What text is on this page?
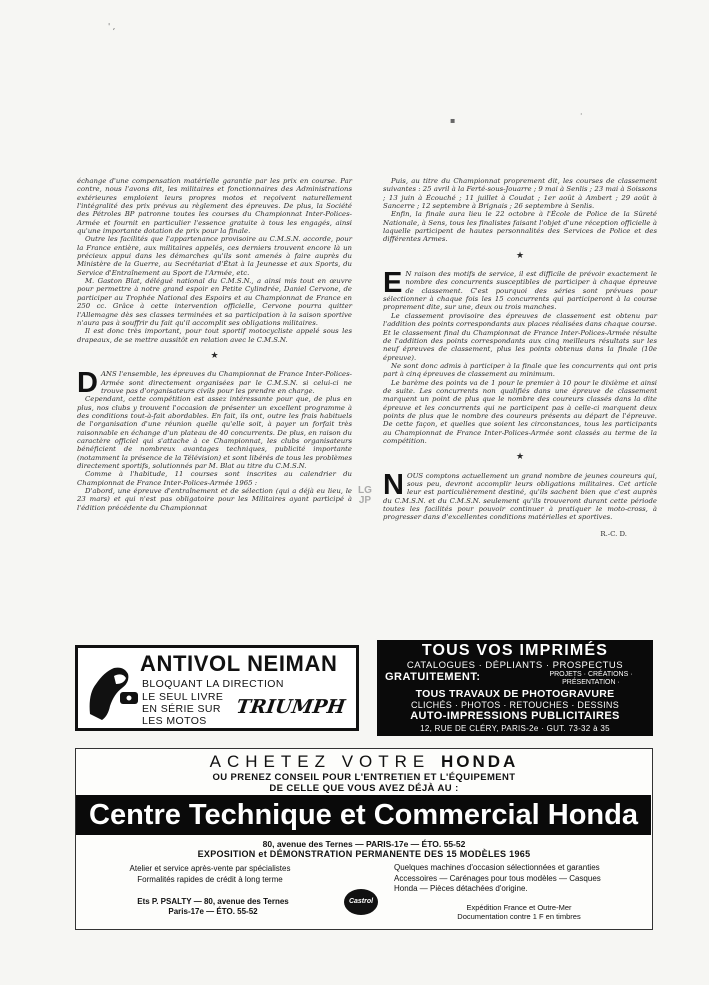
' ,
▪
·

échange d'une compensation matérielle garantie par les prix en course. Par contre, nous l'avons dit, les militaires et fonctionnaires des Administrations extérieures emploient leurs propres motos et reçoivent naturellement l'intégralité des prix prévus au règlement des épreuves. De plus, la Société des Pétroles BP patronne toutes les courses du Championnat Inter-Polices-Armée et fournit en particulier l'essence gratuite à tous les engagés, ainsi qu'une importante dotation de prix pour la finale.

Outre les facilités que l'appartenance provisoire au C.M.S.N. accorde, pour la France entière, aux militaires appelés, ces derniers trouvent encore là un précieux appui dans les démarches qu'ils sont amenés à faire auprès du Ministère de la Guerre, au Secrétariat d'État à la Jeunesse et aux Sports, du Service d'Entraînement au Sport de l'Armée, etc.

M. Gaston Blat, délégué national du C.M.S.N., a ainsi mis tout en œuvre pour permettre à notre grand espoir en Petite Cylindrée, Daniel Cervone, de participer au Trophée National des Espoirs et au Championnat de France en 250 cc. Grâce à cette intervention officielle, Cervone pourra quitter l'Allemagne dès ses classes terminées et sa participation à la saison sportive n'aura pas à souffrir du fait qu'il accomplit ses obligations militaires.

Il est donc très important, pour tout sportif motocycliste appelé sous les drapeaux, de se mettre aussitôt en relation avec le C.M.S.N.

★

DANS l'ensemble, les épreuves du Championnat de France Inter-Polices-Armée sont directement organisées par le C.M.S.N. si celui-ci ne trouve pas d'organisateurs civils pour les prendre en charge.

Cependant, cette compétition est assez intéressante pour que, de plus en plus, nos clubs y trouvent l'occasion de présenter un excellent programme à des conditions tout-à-fait abordables. En fait, ils ont, outre les frais habituels de l'organisation d'une réunion quelle qu'elle soit, à payer un forfait très raisonnable en échange d'un plateau de 40 concurrents. De plus, en raison du caractère officiel qui s'attache à ce Championnat, les clubs organisateurs bénéficient de nombreux avantages techniques, publicité importante (notamment la présence de la Télévision) et sont libérés de tous les problèmes directement sportifs, solutionnés par M. Blat au titre du C.M.S.N.

Comme à l'habitude, 11 courses sont inscrites au calendrier du Championnat de France Inter-Polices-Armée 1965 :

D'abord, une épreuve d'entraînement et de sélection (qui a déjà eu lieu, le 23 mars) et qui n'est pas obligatoire pour les Militaires ayant participé à l'édition précédente du Championnat

LG
JP

Puis, au titre du Championnat proprement dit, les courses de classement suivantes : 25 avril à la Ferté-sous-Jouarre ; 9 mai à Senlis ; 23 mai à Soissons ; 13 juin à Écouché ; 11 juillet à Coudat ; 1er août à Ambert ; 29 août à Sancerre ; 12 septembre à Brignais ; 26 septembre à Senlis.

Enfin, la finale aura lieu le 22 octobre à l'École de Police de la Sûreté Nationale, à Sens, tous les finalistes faisant l'objet d'une réception officielle à laquelle participent de hautes personnalités des Services de Police et des différentes Armes.

★

E N raison des motifs de service, il est difficile de prévoir exactement le nombre des concurrents susceptibles de participer à chaque épreuve de classement. C'est pourquoi des séries sont prévues pour sélectionner à chaque fois les 15 concurrents qui participeront à la course proprement dite, sur une, deux ou trois manches.

Le classement provisoire des épreuves de classement est obtenu par l'addition des points correspondants aux places réalisées dans chaque course. Et le classement final du Championnat de France Inter-Polices-Armée résulte de l'addition des points correspondants aux cinq meilleurs résultats sur les neuf épreuves de classement, plus les points obtenus dans la finale (10e épreuve).

Ne sont donc admis à participer à la finale que les concurrents qui ont pris part à cinq épreuves de classement au minimum.

Le barème des points va de 1 pour le premier à 10 pour le dixième et ainsi de suite. Les concurrents non qualifiés dans une épreuve de classement marquent un point de plus que le nombre des coureurs classés dans la dite épreuve et les concurrents qui ne participent pas à celle-ci marquent deux points de plus que le nombre des coureurs présents au départ de l'épreuve. De cette façon, et quelles que soient les circonstances, tous les participants au Championnat de France Inter-Polices-Armée sont classés au terme de la compétition.

★

NOUS comptons actuellement un grand nombre de jeunes coureurs qui, sous peu, devront accomplir leurs obligations militaires. Cet article leur est particulièrement destiné, qu'ils sachent bien que c'est auprès du C.M.S.N. et du C.M.S.N. seulement qu'ils trouveront durant cette période toutes les facilités pour pouvoir continuer à pratiquer le moto-cross, à progresser dans d'excellentes conditions matérielles et sportives.

R.-C. D.
ANTIVOL NEIMAN
BLOQUANT LA DIRECTION
LE SEUL LIVRE
EN SÉRIE SUR
LES MOTOS
TRIUMPH
TOUS VOS IMPRIMÉS
CATALOGUES · DÉPLIANTS · PROSPECTUS
GRATUITEMENT:	PROJETS · CRÉATIONS · PRÉSENTATION ·
TOUS TRAVAUX DE PHOTOGRAVURE
CLICHÉS · PHOTOS · RETOUCHES · DESSINS
AUTO-IMPRESSIONS PUBLICITAIRES
12, RUE DE CLÉRY, PARIS-2e · GUT. 73-32 à 35
ACHETEZ VOTRE HONDA
OU PRENEZ CONSEIL POUR L'ENTRETIEN ET L'ÉQUIPEMENT
DE CELLE QUE VOUS AVEZ DÉJÀ AU :
Centre Technique et Commercial Honda
80, avenue des Ternes — PARIS-17e — ÉTO. 55-52
EXPOSITION et DÉMONSTRATION PERMANENTE DES 15 MODÈLES 1965
Atelier et service après-vente par spécialistes
Formalités rapides de crédit à long terme
Ets P. PSALTY — 80, avenue des Ternes
Paris-17e — ÉTO. 55-52
Castrol
Quelques machines d'occasion sélectionnées et garanties
Accessoires — Carénages pour tous modèles — Casques
Honda — Pièces détachées d'origine.
Expédition France et Outre-Mer
Documentation contre 1 F en timbres
